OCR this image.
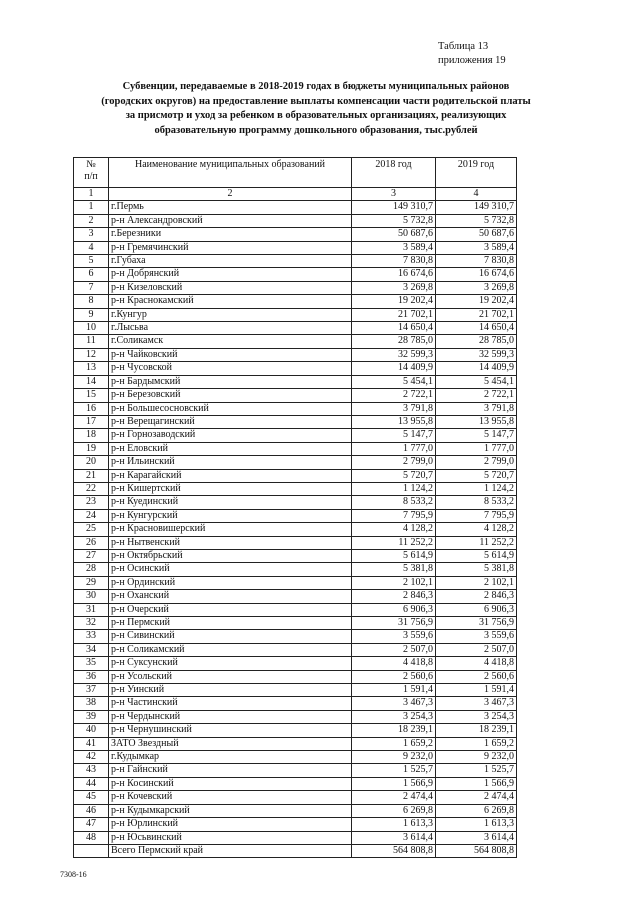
Таблица 13
приложения 19
Субвенции, передаваемые в 2018-2019 годах в бюджеты муниципальных районов
(городских округов) на предоставление выплаты компенсации части родительской платы
за присмотр и уход за ребенком в образовательных организациях, реализующих
образовательную программу дошкольного образования, тыс.рублей
№
п/п	Наименование муниципальных образований	2018 год	2019 год
1	2	3	4
1	г.Пермь	149 310,7	149 310,7
2	р-н Александровский	5 732,8	5 732,8
3	г.Березники	50 687,6	50 687,6
4	р-н Гремячинский	3 589,4	3 589,4
5	г.Губаха	7 830,8	7 830,8
6	р-н Добрянский	16 674,6	16 674,6
7	р-н Кизеловский	3 269,8	3 269,8
8	р-н Краснокамский	19 202,4	19 202,4
9	г.Кунгур	21 702,1	21 702,1
10	г.Лысьва	14 650,4	14 650,4
11	г.Соликамск	28 785,0	28 785,0
12	р-н Чайковский	32 599,3	32 599,3
13	р-н Чусовской	14 409,9	14 409,9
14	р-н Бардымский	5 454,1	5 454,1
15	р-н Березовский	2 722,1	2 722,1
16	р-н Большесосновский	3 791,8	3 791,8
17	р-н Верещагинский	13 955,8	13 955,8
18	р-н Горнозаводский	5 147,7	5 147,7
19	р-н Еловский	1 777,0	1 777,0
20	р-н Ильинский	2 799,0	2 799,0
21	р-н Карагайский	5 720,7	5 720,7
22	р-н Кишертский	1 124,2	1 124,2
23	р-н Куединский	8 533,2	8 533,2
24	р-н Кунгурский	7 795,9	7 795,9
25	р-н Красновишерский	4 128,2	4 128,2
26	р-н Нытвенский	11 252,2	11 252,2
27	р-н Октябрьский	5 614,9	5 614,9
28	р-н Осинский	5 381,8	5 381,8
29	р-н Ординский	2 102,1	2 102,1
30	р-н Оханский	2 846,3	2 846,3
31	р-н Очерский	6 906,3	6 906,3
32	р-н Пермский	31 756,9	31 756,9
33	р-н Сивинский	3 559,6	3 559,6
34	р-н Соликамский	2 507,0	2 507,0
35	р-н Суксунский	4 418,8	4 418,8
36	р-н Усольский	2 560,6	2 560,6
37	р-н Уинский	1 591,4	1 591,4
38	р-н Частинский	3 467,3	3 467,3
39	р-н Чердынский	3 254,3	3 254,3
40	р-н Чернушинский	18 239,1	18 239,1
41	ЗАТО Звездный	1 659,2	1 659,2
42	г.Кудымкар	9 232,0	9 232,0
43	р-н Гайнский	1 525,7	1 525,7
44	р-н Косинский	1 566,9	1 566,9
45	р-н Кочевский	2 474,4	2 474,4
46	р-н Кудымкарский	6 269,8	6 269,8
47	р-н Юрлинский	1 613,3	1 613,3
48	р-н Юсьвинский	3 614,4	3 614,4
	Всего Пермский край	564 808,8	564 808,8
7308-16
